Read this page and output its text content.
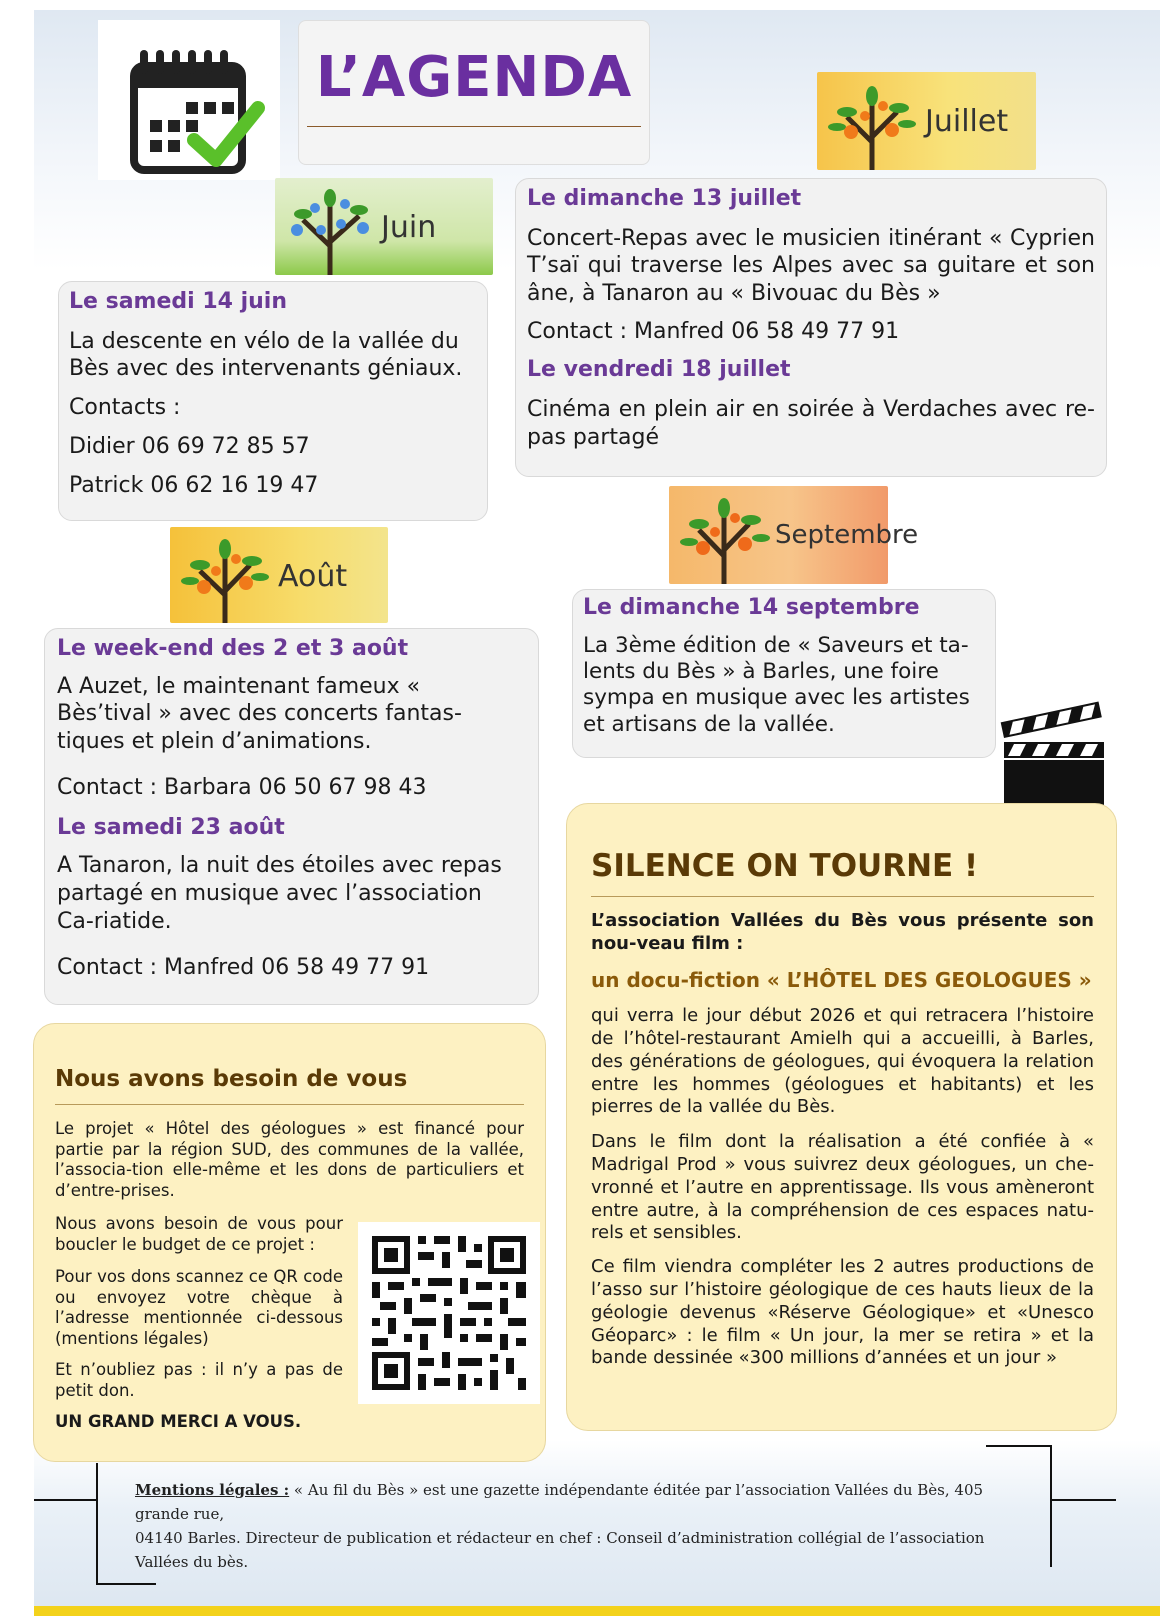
L’AGENDA
Juillet
Juin

Le samedi 14 juin

La descente en vélo de la vallée du Bès avec des intervenants géniaux.

Contacts :

Didier 06 69 72 85 57

Patrick 06 62 16 19 47

Le dimanche 13 juillet

Concert-Repas avec le musicien itinérant « Cyprien T’saï qui traverse les Alpes avec sa guitare et son âne, à Tanaron au « Bivouac du Bès »

Contact : Manfred 06 58 49 77 91

Le vendredi 18 juillet

Cinéma en plein air en soirée à Verdaches avec re-pas partagé

Août
Septembre

Le week-end des 2 et 3 août

A Auzet, le maintenant fameux « Bès’tival » avec des concerts fantas-tiques et plein d’animations.

Contact : Barbara 06 50 67 98 43

Le samedi 23 août

A Tanaron, la nuit des étoiles avec repas partagé en musique avec l’association Ca-riatide.

Contact : Manfred 06 58 49 77 91

Le dimanche 14 septembre

La 3ème édition de « Saveurs et ta-lents du Bès » à Barles, une foire sympa en musique avec les artistes et artisans de la vallée.

Nous avons besoin de vous

Le projet « Hôtel des géologues » est financé pour partie par la région SUD, des communes de la vallée, l’associa-tion elle-même et les dons de particuliers et d’entre-prises.

Nous avons besoin de vous pour boucler le budget de ce projet :

Pour vos dons scannez ce QR code ou envoyez votre chèque à l’adresse mentionnée ci-dessous (mentions légales)

Et n’oubliez pas : il n’y a pas de petit don.

UN GRAND MERCI A VOUS.

SILENCE ON TOURNE !

L’association Vallées du Bès vous présente son nou-veau film :

un docu-fiction « L’HÔTEL DES GEOLOGUES »

qui verra le jour début 2026 et qui retracera l’histoire de l’hôtel-restaurant Amielh qui a accueilli, à Barles, des générations de géologues, qui évoquera la relation entre les hommes (géologues et habitants) et les pierres de la vallée du Bès.

Dans le film dont la réalisation a été confiée à « Madrigal Prod » vous suivrez deux géologues, un che-vronné et l’autre en apprentissage. Ils vous amèneront entre autre, à la compréhension de ces espaces natu-rels et sensibles.

Ce film viendra compléter les 2 autres productions de l’asso sur l’histoire géologique de ces hauts lieux de la géologie devenus «Réserve Géologique» et «Unesco Géoparc» : le film « Un jour, la mer se retira » et la bande dessinée «300 millions d’années et un jour »

Mentions légales : « Au fil du Bès » est une gazette indépendante éditée par l’association Vallées du Bès, 405 grande rue,
04140 Barles. Directeur de publication et rédacteur en chef : Conseil d’administration collégial de l’association Vallées du bès.
